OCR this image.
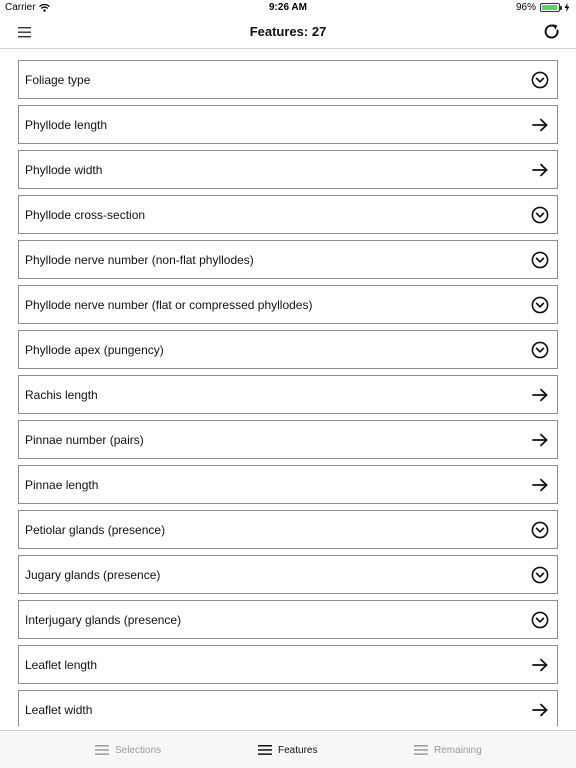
Carrier	9:26 AM	96%
Features: 27
Foliage type
Phyllode length
Phyllode width
Phyllode cross-section
Phyllode nerve number (non-flat phyllodes)
Phyllode nerve number (flat or compressed phyllodes)
Phyllode apex (pungency)
Rachis length
Pinnae number (pairs)
Pinnae length
Petiolar glands (presence)
Jugary glands (presence)
Interjugary glands (presence)
Leaflet length
Leaflet width
Selections	Features	Remaining
